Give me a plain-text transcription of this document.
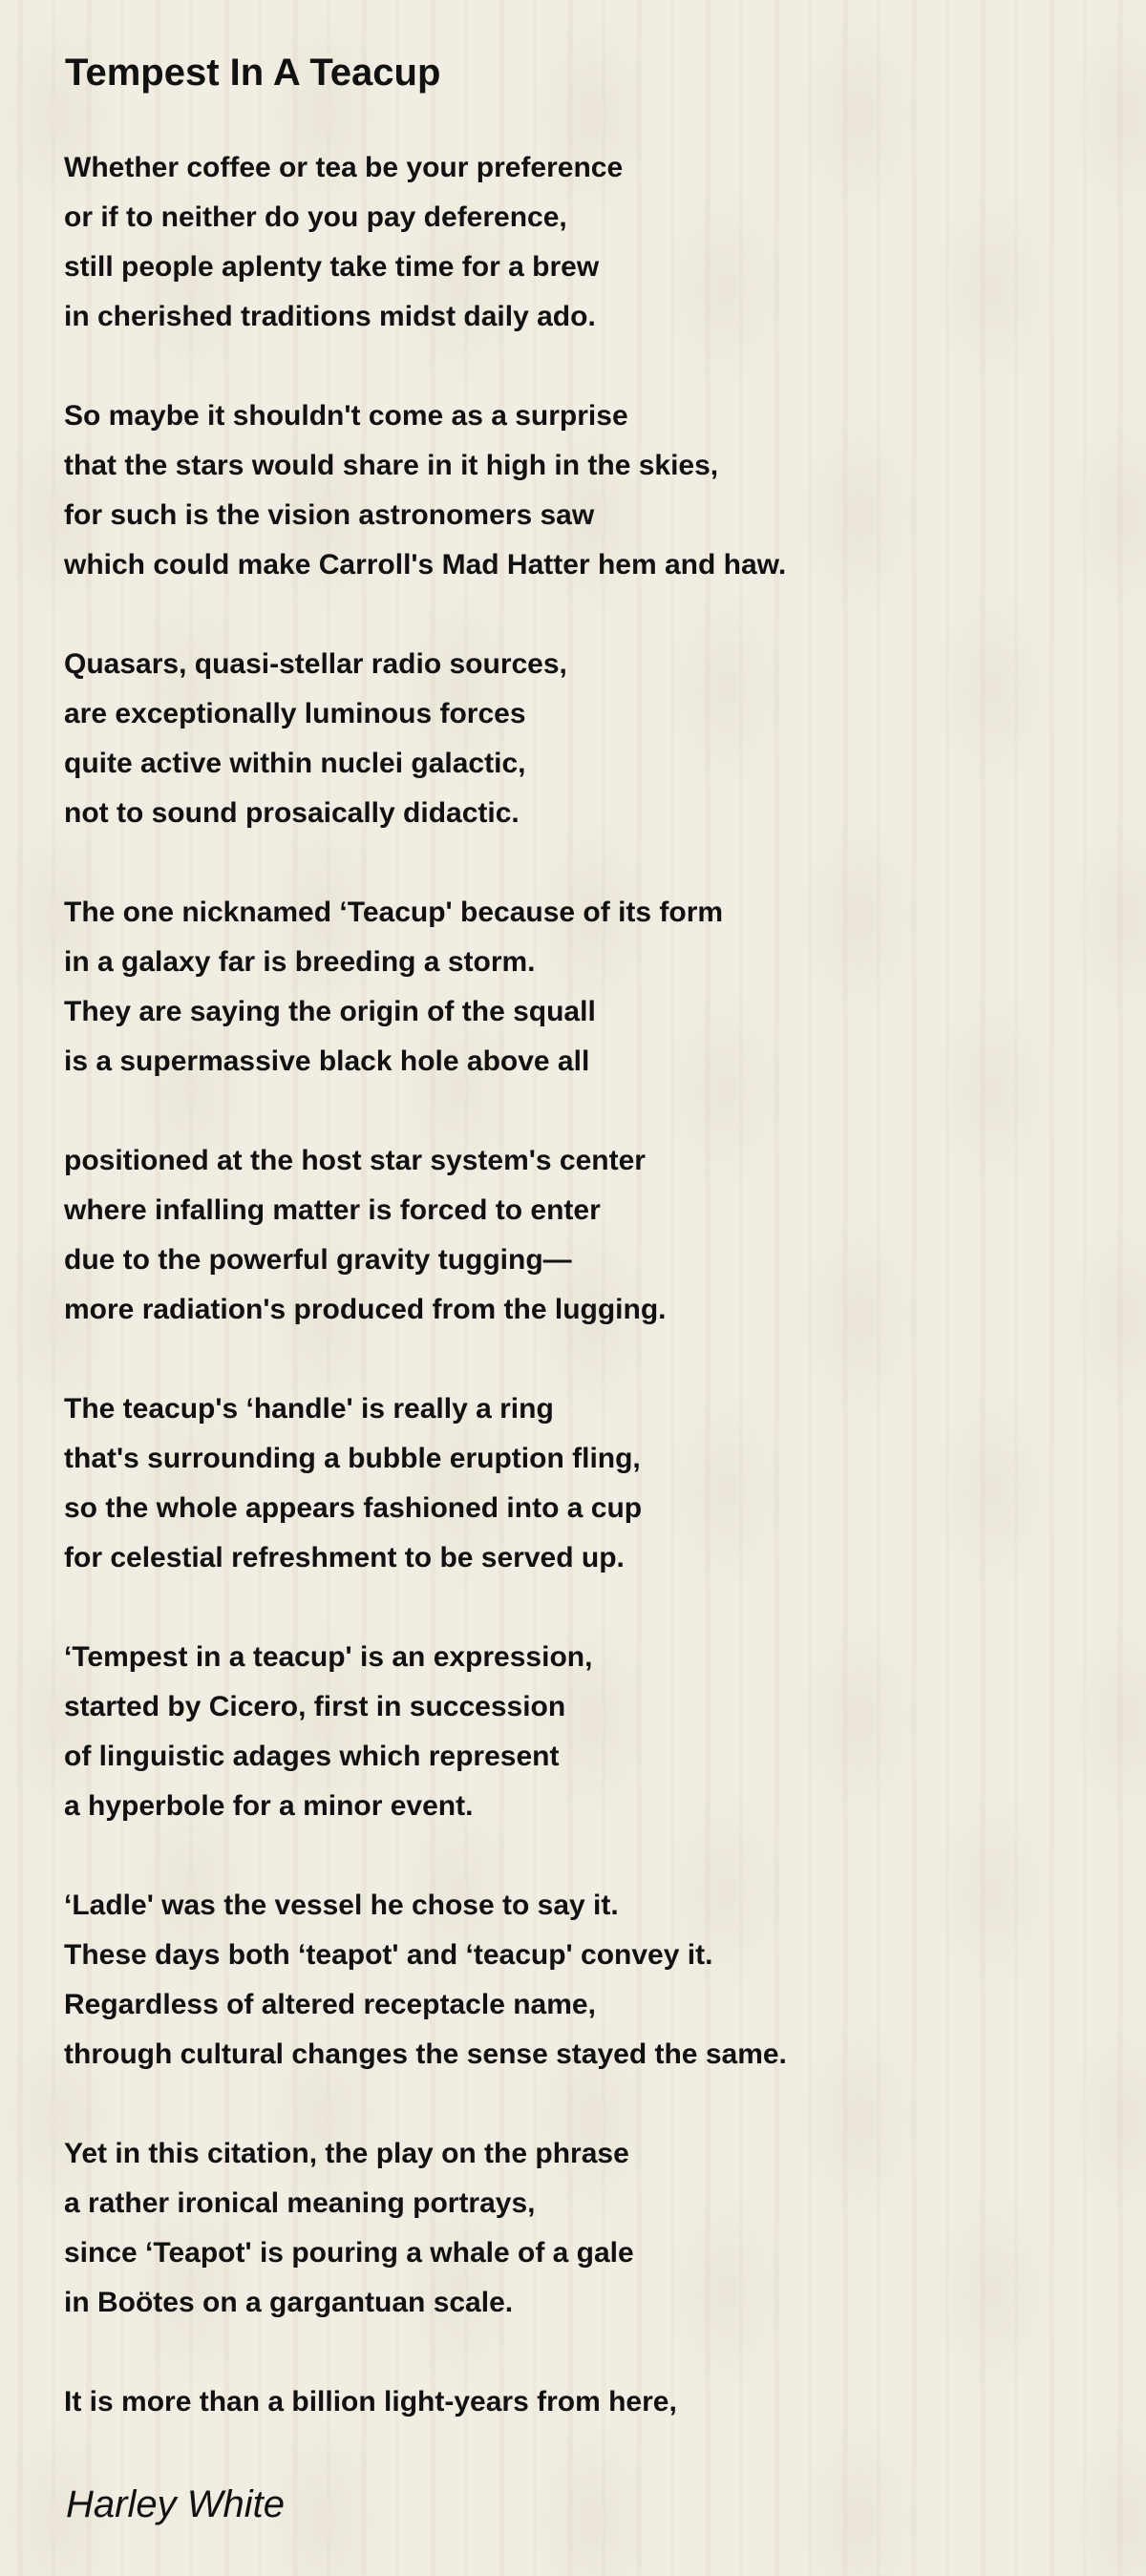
Tempest In A Teacup
Whether coffee or tea be your preference
or if to neither do you pay deference,
still people aplenty take time for a brew
in cherished traditions midst daily ado.
So maybe it shouldn't come as a surprise
that the stars would share in it high in the skies,
for such is the vision astronomers saw
which could make Carroll's Mad Hatter hem and haw.
Quasars, quasi-stellar radio sources,
are exceptionally luminous forces
quite active within nuclei galactic,
not to sound prosaically didactic.
The one nicknamed ‘Teacup' because of its form
in a galaxy far is breeding a storm.
They are saying the origin of the squall
is a supermassive black hole above all
positioned at the host star system's center
where infalling matter is forced to enter
due to the powerful gravity tugging—
more radiation's produced from the lugging.
The teacup's ‘handle' is really a ring
that's surrounding a bubble eruption fling,
so the whole appears fashioned into a cup
for celestial refreshment to be served up.
‘Tempest in a teacup' is an expression,
started by Cicero, first in succession
of linguistic adages which represent
a hyperbole for a minor event.
‘Ladle' was the vessel he chose to say it.
These days both ‘teapot' and ‘teacup' convey it.
Regardless of altered receptacle name,
through cultural changes the sense stayed the same.
Yet in this citation, the play on the phrase
a rather ironical meaning portrays,
since ‘Teapot' is pouring a whale of a gale
in Boötes on a gargantuan scale.
It is more than a billion light-years from here,
Harley White
